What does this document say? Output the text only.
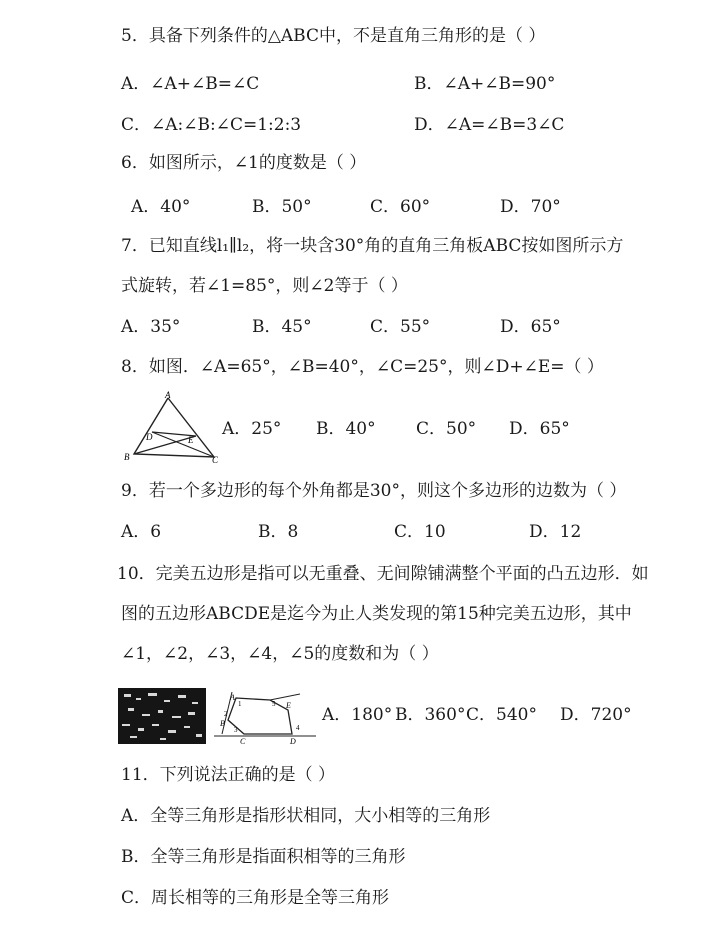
5．具备下列条件的△ABC中，不是直角三角形的是（ ）
A．∠A+∠B=∠C	B．∠A+∠B=90°
C．∠A:∠B:∠C=1:2:3	D．∠A=∠B=3∠C
6．如图所示，∠1的度数是（ ）
A．40°	B．50°	C．60°	D．70°
7．已知直线l₁∥l₂，将一块含30°角的直角三角板ABC按如图所示方
式旋转，若∠1=85°，则∠2等于（ ）
A．35°	B．45°	C．55°	D．65°
8．如图．∠A=65°，∠B=40°，∠C=25°，则∠D+∠E=（ ）
A
B	C
D	E
A．25° B．40° C．50° D．65°
9．若一个多边形的每个外角都是30°，则这个多边形的边数为（ ）
A．6	B．8	C．10	D．12
10．完美五边形是指可以无重叠、无间隙铺满整个平面的凸五边形．如
图的五边形ABCDE是迄今为止人类发现的第15种完美五边形，其中
∠1，∠2，∠3，∠4，∠5的度数和为（ ）
A
B
C	D
E
1
2
3	4
5
A．180° B．360° C．540° D．720°
11．下列说法正确的是（ ）
A．全等三角形是指形状相同，大小相等的三角形
B．全等三角形是指面积相等的三角形
C．周长相等的三角形是全等三角形
